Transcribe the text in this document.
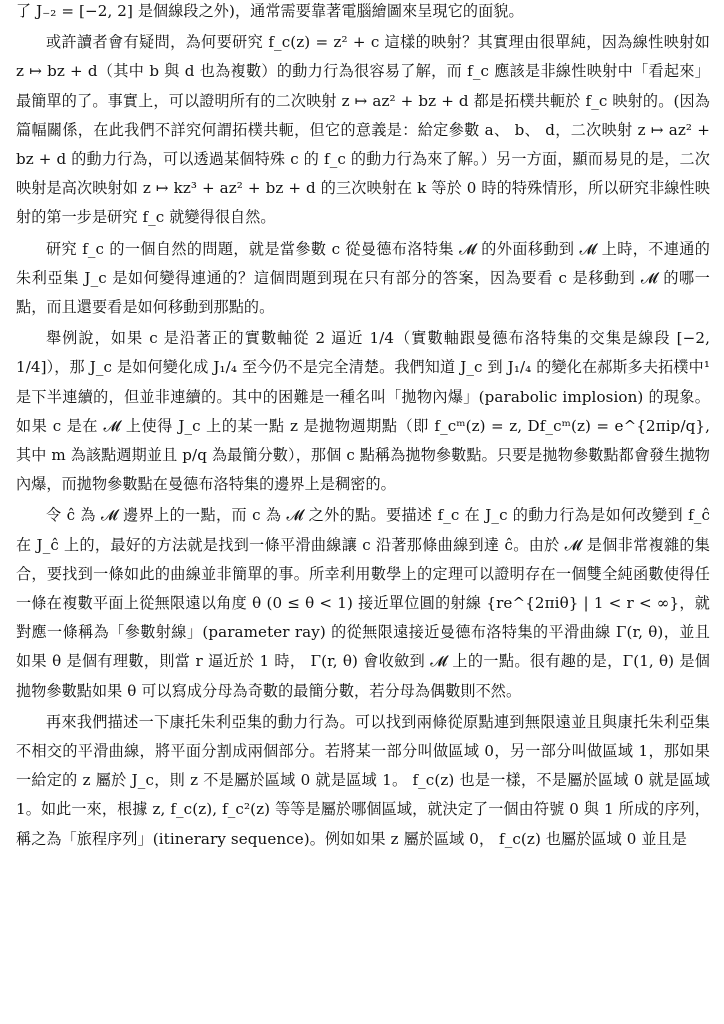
了 J₋₂ = [−2, 2] 是個線段之外)，通常需要靠著電腦繪圖來呈現它的面貌。

或許讀者會有疑問，為何要研究 f_c(z) = z² + c 這樣的映射？其實理由很單純，因為線性映射如 z ↦ bz + d（其中 b 與 d 也為複數）的動力行為很容易了解，而 f_c 應該是非線性映射中「看起來」最簡單的了。事實上，可以證明所有的二次映射 z ↦ az² + bz + d 都是拓樸共軛於 f_c 映射的。(因為篇幅關係，在此我們不詳究何謂拓樸共軛，但它的意義是：給定參數 a、 b、 d，二次映射 z ↦ az² + bz + d 的動力行為，可以透過某個特殊 c 的 f_c 的動力行為來了解。）另一方面，顯而易見的是，二次映射是高次映射如 z ↦ kz³ + az² + bz + d 的三次映射在 k 等於 0 時的特殊情形，所以研究非線性映射的第一步是研究 f_c 就變得很自然。

研究 f_c 的一個自然的問題，就是當參數 c 從曼德布洛特集 𝓜 的外面移動到 𝓜 上時，不連通的朱利亞集 J_c 是如何變得連通的？這個問題到現在只有部分的答案，因為要看 c 是移動到 𝓜 的哪一點，而且還要看是如何移動到那點的。

舉例說，如果 c 是沿著正的實數軸從 2 逼近 1/4（實數軸跟曼德布洛特集的交集是線段 [−2, 1/4]），那 J_c 是如何變化成 J₁/₄ 至今仍不是完全清楚。我們知道 J_c 到 J₁/₄ 的變化在郝斯多夫拓樸中¹ 是下半連續的，但並非連續的。其中的困難是一種名叫「拋物內爆」(parabolic implosion) 的現象。如果 c 是在 𝓜 上使得 J_c 上的某一點 z 是拋物週期點（即 f_cᵐ(z) = z, Df_cᵐ(z) = e^{2πip/q}, 其中 m 為該點週期並且 p/q 為最簡分數），那個 c 點稱為拋物參數點。只要是拋物參數點都會發生拋物內爆，而拋物參數點在曼德布洛特集的邊界上是稠密的。

令 ĉ 為 𝓜 邊界上的一點，而 c 為 𝓜 之外的點。要描述 f_c 在 J_c 的動力行為是如何改變到 f_ĉ 在 J_ĉ 上的，最好的方法就是找到一條平滑曲線讓 c 沿著那條曲線到達 ĉ。由於 𝓜 是個非常複雜的集合，要找到一條如此的曲線並非簡單的事。所幸利用數學上的定理可以證明存在一個雙全純函數使得任一條在複數平面上從無限遠以角度 θ (0 ≤ θ < 1) 接近單位圓的射線 {re^{2πiθ} | 1 < r < ∞}，就對應一條稱為「參數射線」(parameter ray) 的從無限遠接近曼德布洛特集的平滑曲線 Γ(r, θ)，並且如果 θ 是個有理數，則當 r 逼近於 1 時， Γ(r, θ) 會收斂到 𝓜 上的一點。很有趣的是，Γ(1, θ) 是個拋物參數點如果 θ 可以寫成分母為奇數的最簡分數，若分母為偶數則不然。

再來我們描述一下康托朱利亞集的動力行為。可以找到兩條從原點連到無限遠並且與康托朱利亞集不相交的平滑曲線，將平面分割成兩個部分。若將某一部分叫做區域 0，另一部分叫做區域 1，那如果一給定的 z 屬於 J_c，則 z 不是屬於區域 0 就是區域 1。 f_c(z) 也是一樣，不是屬於區域 0 就是區域 1。如此一來，根據 z, f_c(z), f_c²(z) 等等是屬於哪個區域，就決定了一個由符號 0 與 1 所成的序列，稱之為「旅程序列」(itinerary sequence)。例如如果 z 屬於區域 0， f_c(z) 也屬於區域 0 並且是
